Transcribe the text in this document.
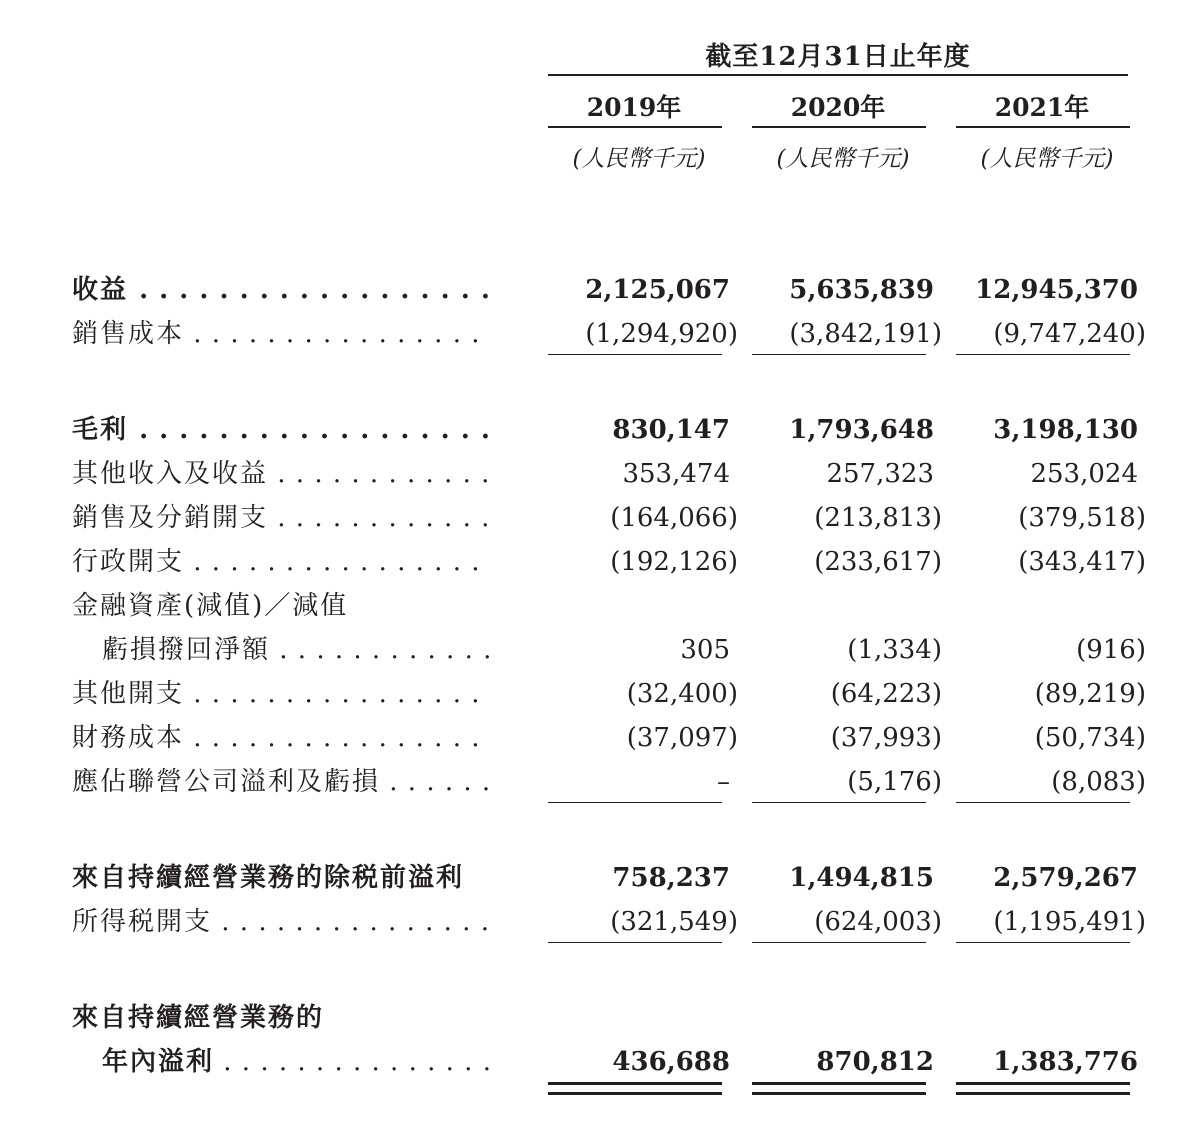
截至12月31日止年度
2019年	2020年	2021年
(人民幣千元)	(人民幣千元)	(人民幣千元)
收益 . . .	2,125,067	5,635,839	12,945,370
銷售成本 . . .	(1,294,920)	(3,842,191)	(9,747,240)
毛利 . . .	830,147	1,793,648	3,198,130
其他收入及收益 . . .	353,474	257,323	253,024
銷售及分銷開支 . . .	(164,066)	(213,813)	(379,518)
行政開支 . . .	(192,126)	(233,617)	(343,417)
金融資產(減值)／減值
虧損撥回淨額 . . .	305	(1,334)	(916)
其他開支 . . .	(32,400)	(64,223)	(89,219)
財務成本 . . .	(37,097)	(37,993)	(50,734)
應佔聯營公司溢利及虧損 . . .	–	(5,176)	(8,083)
來自持續經營業務的除税前溢利	758,237	1,494,815	2,579,267
所得税開支 . . .	(321,549)	(624,003)	(1,195,491)
來自持續經營業務的
年內溢利 . . .	436,688	870,812	1,383,776
